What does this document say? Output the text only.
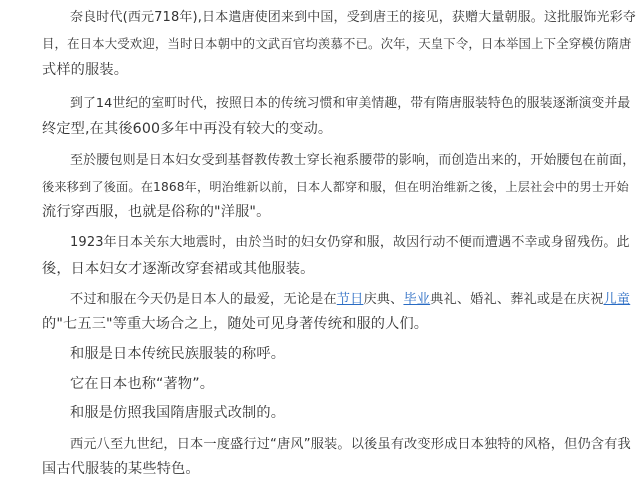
奈良时代(西元718年),日本遣唐使团来到中国，受到唐王的接见，获赠大量朝服。这批服饰光彩夺
目，在日本大受欢迎，当时日本朝中的文武百官均羡慕不已。次年，天皇下令，日本举国上下全穿模仿隋唐
式样的服装。
到了14世纪的室町时代，按照日本的传统习惯和审美情趣，带有隋唐服装特色的服装逐渐演变并最
终定型,在其後600多年中再没有较大的变动。
至於腰包则是日本妇女受到基督教传教士穿长袍系腰带的影响，而创造出来的，开始腰包在前面，
後来移到了後面。在1868年，明治维新以前，日本人都穿和服，但在明治维新之後，上层社会中的男士开始
流行穿西服，也就是俗称的"洋服"。
1923年日本关东大地震时，由於当时的妇女仍穿和服，故因行动不便而遭遇不幸或身留残伤。此
後，日本妇女才逐渐改穿套裙或其他服装。
不过和服在今天仍是日本人的最爱，无论是在节日庆典、毕业典礼、婚礼、葬礼或是在庆祝儿童
的"七五三"等重大场合之上，随处可见身著传统和服的人们。
和服是日本传统民族服装的称呼。
它在日本也称“著物”。
和服是仿照我国隋唐服式改制的。
西元八至九世纪，日本一度盛行过“唐风”服装。以後虽有改变形成日本独特的风格，但仍含有我
国古代服装的某些特色。
